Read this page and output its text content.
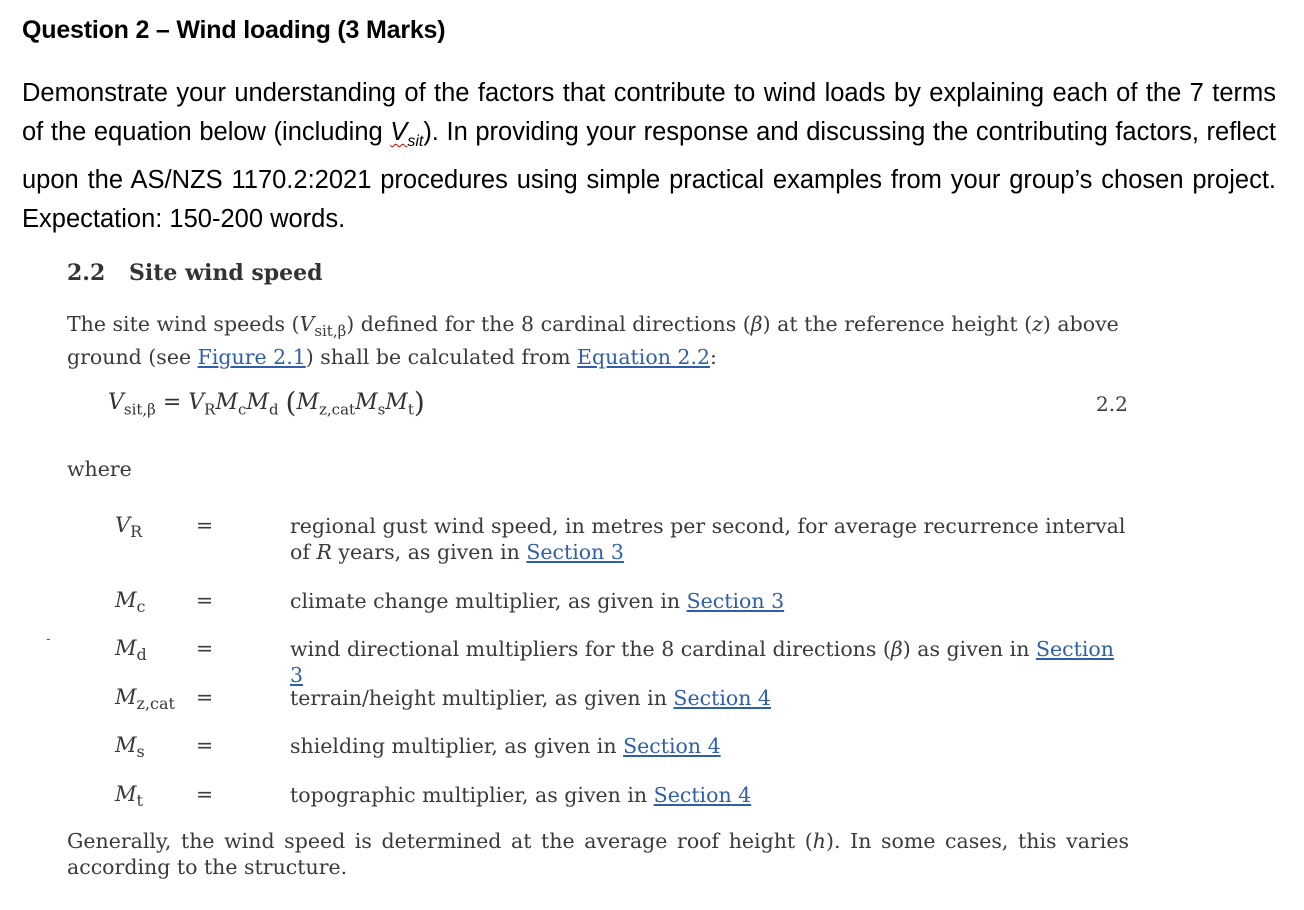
Question 2 – Wind loading (3 Marks)
Demonstrate your understanding of the factors that contribute to wind loads by explaining each of the 7 terms of the equation below (including $V_{sit}$). In providing your response and discussing the contributing factors, reflect upon the AS/NZS 1170.2:2021 procedures using simple practical examples from your group’s chosen project. Expectation: 150-200 words.
2.2 Site wind speed
The site wind speeds $(V_{sit,\beta})$ defined for the 8 cardinal directions (β) at the reference height (z) above ground (see Figure 2.1) shall be calculated from Equation 2.2:
$V_{sit,\beta} = V_RM_cM_d$ $(M_{z,cat}M_sM_t)$	2.2
where
$V_R$	=	regional gust wind speed, in metres per second, for average recurrence interval of R years, as given in Section 3
$M_c$ =	climate change multiplier, as given in Section 3
$M_d$ =	wind directional multipliers for the 8 cardinal directions (β) as given in Section 3
$M_{z,cat}$ =	terrain/height multiplier, as given in Section 4
$M_s$	=	shielding multiplier, as given in Section 4
$M_t$	=	topographic multiplier, as given in Section 4
-
Generally, the wind speed is determined at the average roof height (h). In some cases, this varies according to the structure.
